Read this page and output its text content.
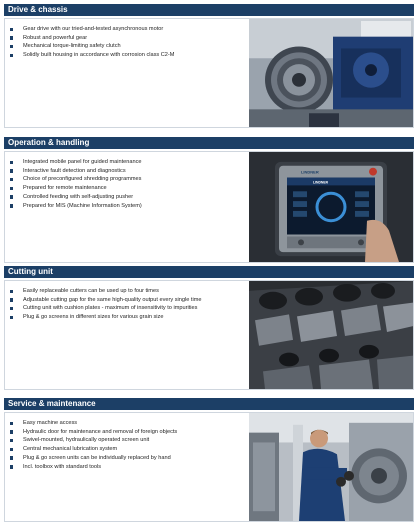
Drive & chassis
Gear drive with our tried-and-tested asynchronous motor
Robust and powerful gear
Mechanical torque-limiting safety clutch
Solidly built housing in accordance with corrosion class C2-M
Operation & handling
Integrated mobile panel for guided maintenance
Interactive fault detection and diagnostics
Choice of preconfigured shredding programmes
Prepared for remote maintenance
Controlled feeding with self-adjusting pusher
Prepared for MIS (Machine Information System)
LINDNER
LINDNER
Cutting unit
Easily replaceable cutters can be used up to four times
Adjustable cutting gap for the same high-quality output every single time
Cutting unit with cushion plates - maximum of insensitivity to impurities
Plug & go screens in different sizes for various grain size
Service & maintenance
Easy machine access
Hydraulic door for maintenance and removal of foreign objects
Swivel-mounted, hydraulically operated screen unit
Central mechanical lubrication system
Plug & go screen units can be individually replaced by hand
Incl. toolbox with standard tools
